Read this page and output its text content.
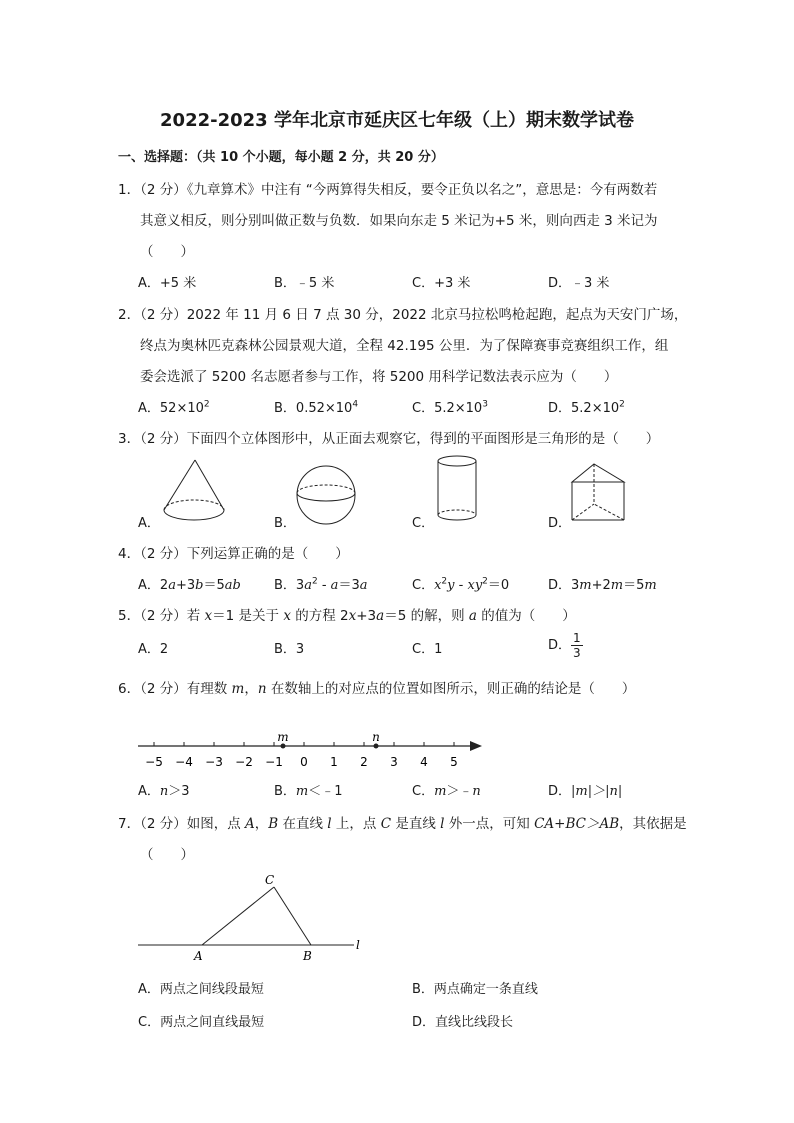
2022-2023 学年北京市延庆区七年级（上）期末数学试卷
一、选择题：（共 10 个小题，每小题 2 分，共 20 分）
1．（2 分）《九章算术》中注有 “今两算得失相反，要令正负以名之”，意思是：今有两数若
其意义相反，则分别叫做正数与负数．如果向东走 5 米记为+5 米，则向西走 3 米记为
（　　）
A．+5 米	B．﹣5 米	C．+3 米	D．﹣3 米
2．（2 分）2022 年 11 月 6 日 7 点 30 分，2022 北京马拉松鸣枪起跑，起点为天安门广场，
终点为奥林匹克森林公园景观大道，全程 42.195 公里．为了保障赛事竞赛组织工作，组
委会选派了 5200 名志愿者参与工作，将 5200 用科学记数法表示应为（　　）
A．$52\times 10^2$	B．$0.52\times 10^4$	C．$5.2\times 10^3$	D．$5.2\times 10^2$
3．（2 分）下面四个立体图形中，从正面去观察它，得到的平面图形是三角形的是（　　）
A．	B．	C．	D．
4．（2 分）下列运算正确的是（　　）
A．2a+3b＝5ab	B．$3a^2 - a=3a$	C．$x^2y - xy^2=0$	D．3m+2m＝5m
5．（2 分）若 x＝1 是关于 x 的方程 2x+3a＝5 的解，则 a 的值为（　　）
A．2	B．3	C．1	D． $\frac{1}{3}$
6．（2 分）有理数 m，n 在数轴上的对应点的位置如图所示，则正确的结论是（　　）
−5 −4 −3 −2 −1 0 1 2 3 4 5
m	n
A．n＞3	B．m＜﹣1	C．m＞﹣n	D．|m|＞|n|
7．（2 分）如图，点 A，B 在直线 l 上，点 C 是直线 l 外一点，可知 CA+BC＞AB，其依据是
（　　）
C
A	B
l
A．两点之间线段最短	B．两点确定一条直线
C．两点之间直线最短	D．直线比线段长
